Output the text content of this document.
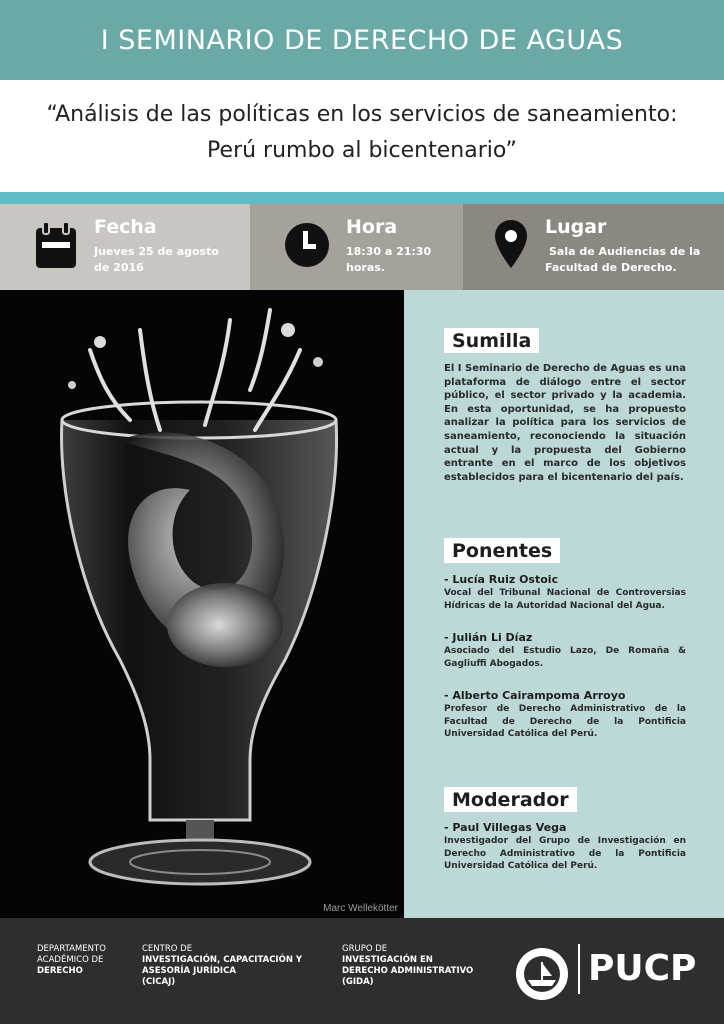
I SEMINARIO DE DERECHO DE AGUAS
“Análisis de las políticas en los servicios de saneamiento:
Perú rumbo al bicentenario”
Fecha
Jueves 25 de agosto
de 2016
Hora
18:30 a 21:30
horas.
Lugar
Sala de Audiencias de la
Facultad de Derecho.
Marc Wellekötter
Sumilla
El I Seminario de Derecho de Aguas es una plataforma de diálogo entre el sector público, el sector privado y la academia. En esta oportunidad, se ha propuesto analizar la política para los servicios de saneamiento, reconociendo la situación actual y la propuesta del Gobierno entrante en el marco de los objetivos establecidos para el bicentenario del país.
Ponentes
- Lucía Ruiz Ostoic
Vocal del Tribunal Nacional de Controversias Hídricas de la Autoridad Nacional del Agua.
- Julián Li Díaz
Asociado del Estudio Lazo, De Romaña & Gagliuffi Abogados.
- Alberto Cairampoma Arroyo
Profesor de Derecho Administrativo de la Facultad de Derecho de la Pontificia Universidad Católica del Perú.
Moderador
- Paul Villegas Vega
Investigador del Grupo de Investigación en Derecho Administrativo de la Pontificia Universidad Católica del Perú.
DEPARTAMENTO
ACADÉMICO DE
DERECHO
CENTRO DE
INVESTIGACIÓN, CAPACITACIÓN Y
ASESORÍA JURÍDICA
(CICAJ)
GRUPO DE
INVESTIGACIÓN EN
DERECHO ADMINISTRATIVO
(GIDA)	PUCP
